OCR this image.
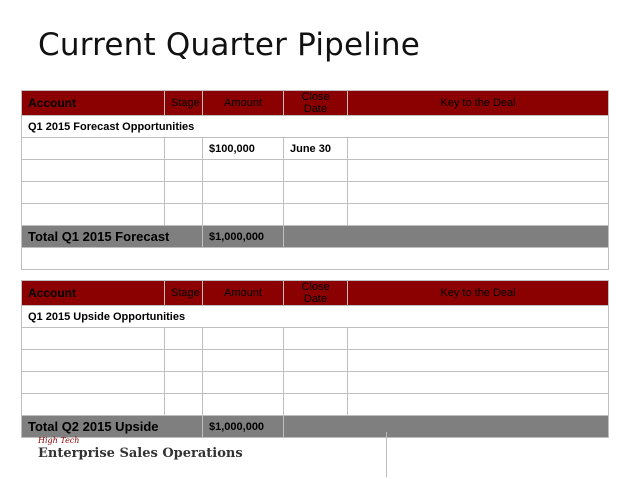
Current Quarter Pipeline
Account	Stage	Amount	Close Date	Key to the Deal
Q1 2015 Forecast Opportunities				
		$100,000	June 30	

Total Q1 2015 Forecast		$1,000,000		

Account	Stage	Amount	Close Date	Key to the Deal
Q1 2015 Upside Opportunities				

Total Q2 2015 Upside		$1,000,000		
High Tech
Enterprise Sales Operations
